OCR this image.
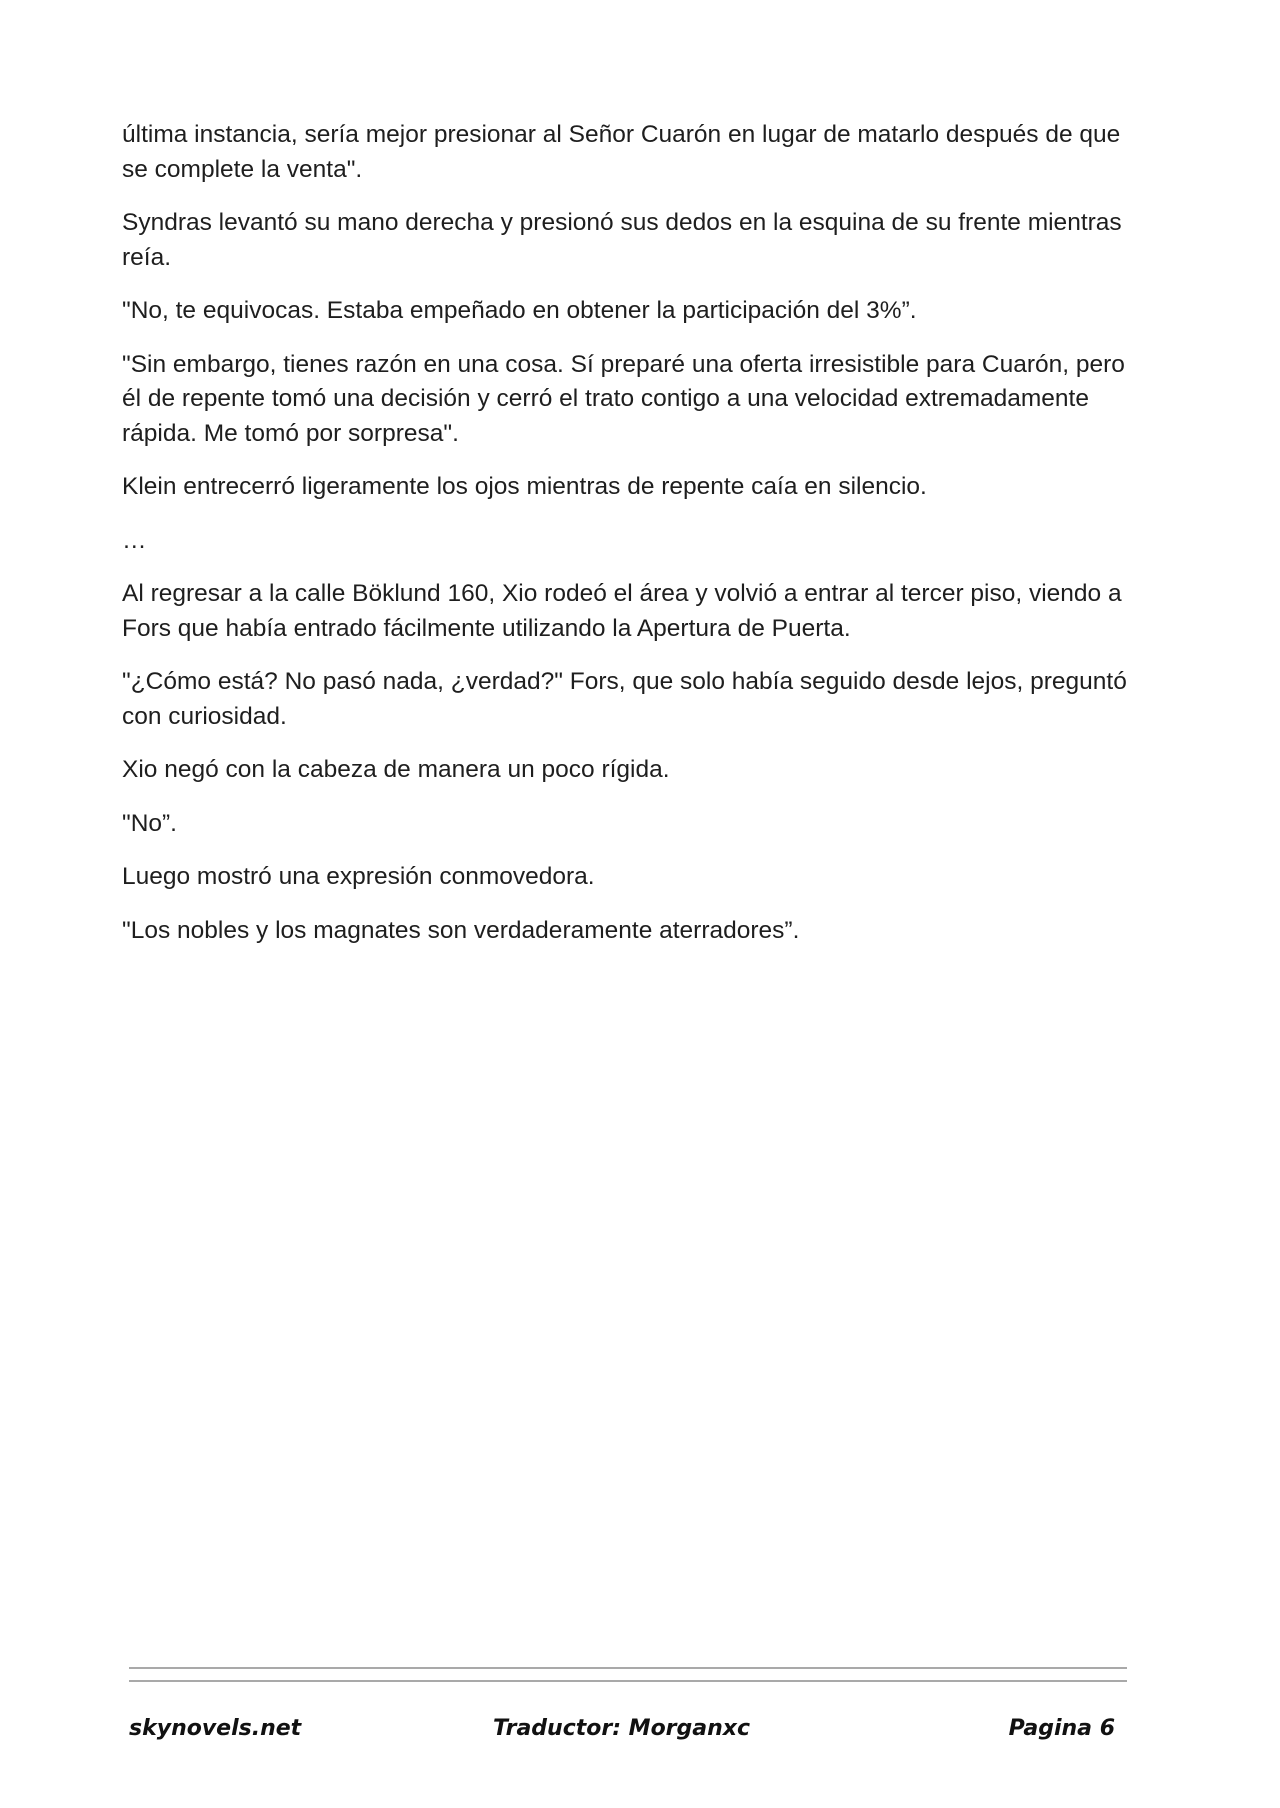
última instancia, sería mejor presionar al Señor Cuarón en lugar de matarlo después de que se complete la venta".

Syndras levantó su mano derecha y presionó sus dedos en la esquina de su frente mientras reía.

"No, te equivocas. Estaba empeñado en obtener la participación del 3%”.

"Sin embargo, tienes razón en una cosa. Sí preparé una oferta irresistible para Cuarón, pero él de repente tomó una decisión y cerró el trato contigo a una velocidad extremadamente rápida. Me tomó por sorpresa".

Klein entrecerró ligeramente los ojos mientras de repente caía en silencio.

…

Al regresar a la calle Böklund 160, Xio rodeó el área y volvió a entrar al tercer piso, viendo a Fors que había entrado fácilmente utilizando la Apertura de Puerta.

"¿Cómo está? No pasó nada, ¿verdad?" Fors, que solo había seguido desde lejos, preguntó con curiosidad.

Xio negó con la cabeza de manera un poco rígida.

"No”.

Luego mostró una expresión conmovedora.

"Los nobles y los magnates son verdaderamente aterradores”.

skynovels.net	Traductor: Morganxc	Pagina 6
